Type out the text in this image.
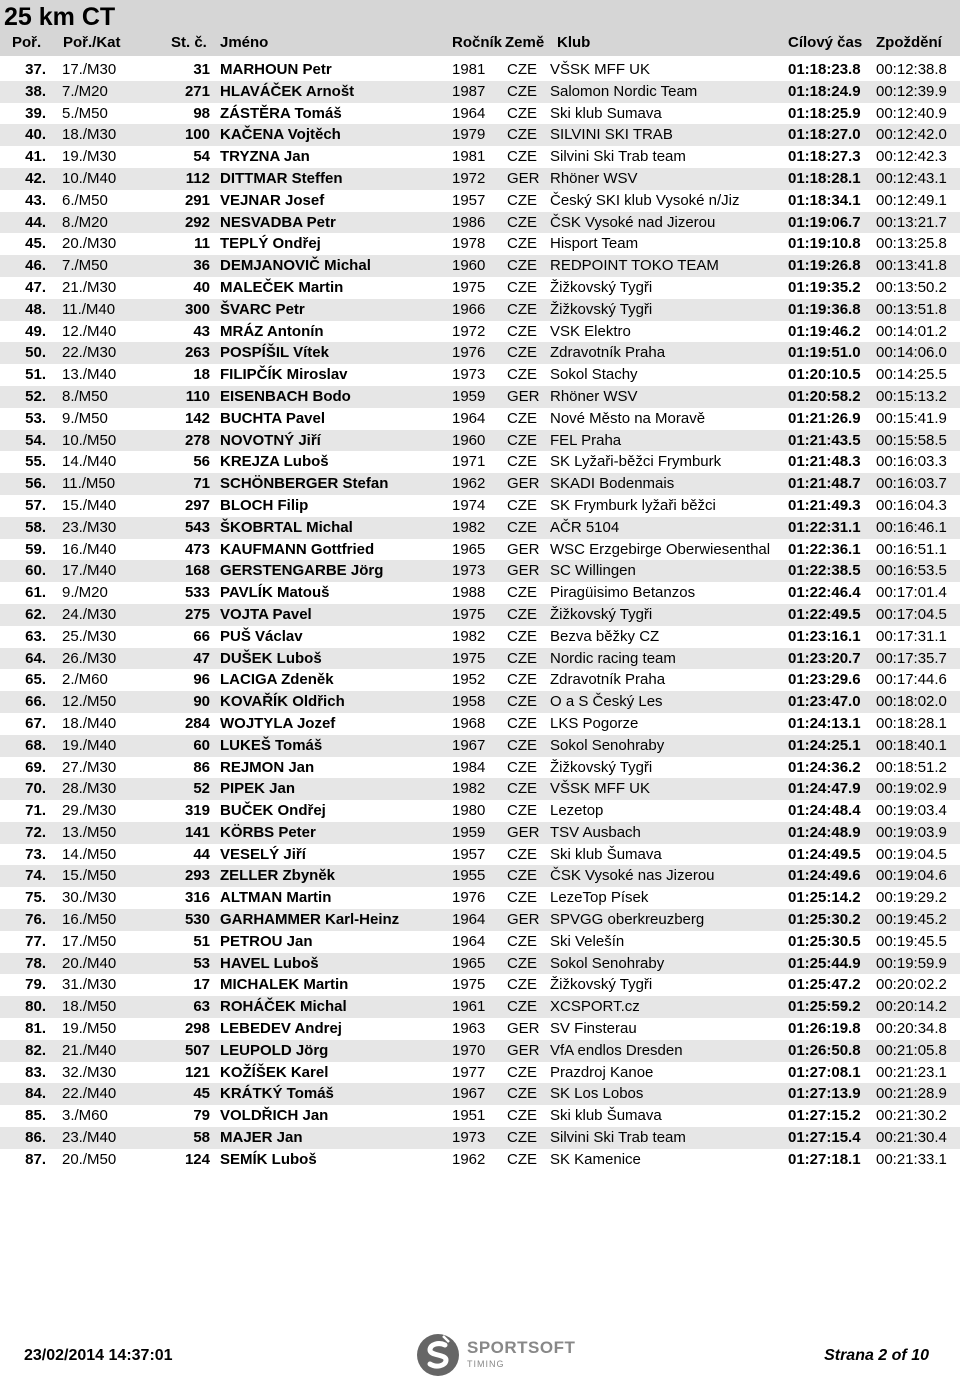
25 km CT
Poř. Poř./Kat	St. č. Jméno	Ročník Země Klub	Cílový čas Zpoždění
37. 17./M30	31 MARHOUN Petr	1981	CZE VŠSK MFF UK	01:18:23.8 00:12:38.8
38. 7./M20	271 HLAVÁČEK Arnošt	1987	CZE Salomon Nordic Team	01:18:24.9 00:12:39.9
39. 5./M50	98 ZÁSTĚRA Tomáš	1964	CZE Ski klub Sumava	01:18:25.9 00:12:40.9
40. 18./M30	100 KAČENA Vojtěch	1979	CZE SILVINI SKI TRAB	01:18:27.0 00:12:42.0
41. 19./M30	54 TRYZNA Jan	1981	CZE Silvini Ski Trab team	01:18:27.3 00:12:42.3
42. 10./M40	112 DITTMAR Steffen	1972	GER Rhöner WSV	01:18:28.1 00:12:43.1
43. 6./M50	291 VEJNAR Josef	1957	CZE Český SKI klub Vysoké n/Jiz	01:18:34.1 00:12:49.1
44. 8./M20	292 NESVADBA Petr	1986	CZE ČSK Vysoké nad Jizerou	01:19:06.7 00:13:21.7
45. 20./M30	11 TEPLÝ Ondřej	1978	CZE Hisport Team	01:19:10.8 00:13:25.8
46. 7./M50	36 DEMJANOVIČ Michal	1960	CZE REDPOINT TOKO TEAM	01:19:26.8 00:13:41.8
47. 21./M30	40 MALEČEK Martin	1975	CZE Žižkovský Tygři	01:19:35.2 00:13:50.2
48. 11./M40	300 ŠVARC Petr	1966	CZE Žižkovský Tygři	01:19:36.8 00:13:51.8
49. 12./M40	43 MRÁZ Antonín	1972	CZE VSK Elektro	01:19:46.2 00:14:01.2
50. 22./M30	263 POSPÍŠIL Vítek	1976	CZE Zdravotník Praha	01:19:51.0 00:14:06.0
51. 13./M40	18 FILIPČÍK Miroslav	1973	CZE Sokol Stachy	01:20:10.5 00:14:25.5
52. 8./M50	110 EISENBACH Bodo	1959	GER Rhöner WSV	01:20:58.2 00:15:13.2
53. 9./M50	142 BUCHTA Pavel	1964	CZE Nové Město na Moravě	01:21:26.9 00:15:41.9
54. 10./M50	278 NOVOTNÝ Jiří	1960	CZE FEL Praha	01:21:43.5 00:15:58.5
55. 14./M40	56 KREJZA Luboš	1971	CZE SK Lyžaři-běžci Frymburk	01:21:48.3 00:16:03.3
56. 11./M50	71 SCHÖNBERGER Stefan	1962	GER SKADI Bodenmais	01:21:48.7 00:16:03.7
57. 15./M40	297 BLOCH Filip	1974	CZE SK Frymburk lyžaři běžci	01:21:49.3 00:16:04.3
58. 23./M30	543 ŠKOBRTAL Michal	1982	CZE AČR 5104	01:22:31.1 00:16:46.1
59. 16./M40	473 KAUFMANN Gottfried	1965	GER WSC Erzgebirge Oberwiesenthal	01:22:36.1 00:16:51.1
60. 17./M40	168 GERSTENGARBE Jörg	1973	GER SC Willingen	01:22:38.5 00:16:53.5
61. 9./M20	533 PAVLÍK Matouš	1988	CZE Piragüisimo Betanzos	01:22:46.4 00:17:01.4
62. 24./M30	275 VOJTA Pavel	1975	CZE Žižkovský Tygři	01:22:49.5 00:17:04.5
63. 25./M30	66 PUŠ Václav	1982	CZE Bezva běžky CZ	01:23:16.1 00:17:31.1
64. 26./M30	47 DUŠEK Luboš	1975	CZE Nordic racing team	01:23:20.7 00:17:35.7
65. 2./M60	96 LACIGA Zdeněk	1952	CZE Zdravotník Praha	01:23:29.6 00:17:44.6
66. 12./M50	90 KOVAŘÍK Oldřich	1958	CZE O a S Český Les	01:23:47.0 00:18:02.0
67. 18./M40	284 WOJTYLA Jozef	1968	CZE LKS Pogorze	01:24:13.1 00:18:28.1
68. 19./M40	60 LUKEŠ Tomáš	1967	CZE Sokol Senohraby	01:24:25.1 00:18:40.1
69. 27./M30	86 REJMON Jan	1984	CZE Žižkovský Tygři	01:24:36.2 00:18:51.2
70. 28./M30	52 PIPEK Jan	1982	CZE VŠSK MFF UK	01:24:47.9 00:19:02.9
71. 29./M30	319 BUČEK Ondřej	1980	CZE Lezetop	01:24:48.4 00:19:03.4
72. 13./M50	141 KÖRBS Peter	1959	GER TSV Ausbach	01:24:48.9 00:19:03.9
73. 14./M50	44 VESELÝ Jiří	1957	CZE Ski klub Šumava	01:24:49.5 00:19:04.5
74. 15./M50	293 ZELLER Zbyněk	1955	CZE ČSK Vysoké nas Jizerou	01:24:49.6 00:19:04.6
75. 30./M30	316 ALTMAN Martin	1976	CZE LezeTop Písek	01:25:14.2 00:19:29.2
76. 16./M50	530 GARHAMMER Karl-Heinz	1964	GER SPVGG oberkreuzberg	01:25:30.2 00:19:45.2
77. 17./M50	51 PETROU Jan	1964	CZE Ski Velešín	01:25:30.5 00:19:45.5
78. 20./M40	53 HAVEL Luboš	1965	CZE Sokol Senohraby	01:25:44.9 00:19:59.9
79. 31./M30	17 MICHALEK Martin	1975	CZE Žižkovský Tygři	01:25:47.2 00:20:02.2
80. 18./M50	63 ROHÁČEK Michal	1961	CZE XCSPORT.cz	01:25:59.2 00:20:14.2
81. 19./M50	298 LEBEDEV Andrej	1963	GER SV Finsterau	01:26:19.8 00:20:34.8
82. 21./M40	507 LEUPOLD Jörg	1970	GER VfA endlos Dresden	01:26:50.8 00:21:05.8
83. 32./M30	121 KOŽÍŠEK Karel	1977	CZE Prazdroj Kanoe	01:27:08.1 00:21:23.1
84. 22./M40	45 KRÁTKÝ Tomáš	1967	CZE SK Los Lobos	01:27:13.9 00:21:28.9
85. 3./M60	79 VOLDŘICH Jan	1951	CZE Ski klub Šumava	01:27:15.2 00:21:30.2
86. 23./M40	58 MAJER Jan	1973	CZE Silvini Ski Trab team	01:27:15.4 00:21:30.4
87. 20./M50	124 SEMÍK Luboš	1962	CZE SK Kamenice	01:27:18.1 00:21:33.1
23/02/2014 14:37:01	Strana 2 of 10
SPORTSOFT
TIMING
